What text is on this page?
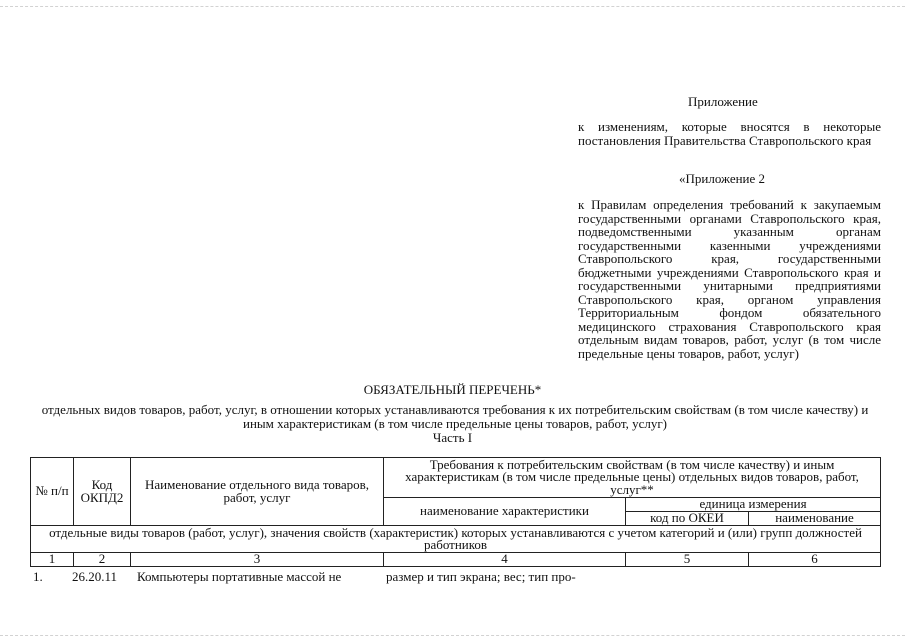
Приложение

к изменениям, которые вносятся в некоторые постановления Правительства Ставропольского края

«Приложение 2

к Правилам определения требований к закупаемым государственными органами Ставропольского края, подведомственными указанным органам государственными казенными учреждениями Ставропольского края, государственными бюджетными учреждениями Ставропольского края и государственными унитарными предприятиями Ставропольского края, органом управления Территориальным фондом обязательного медицинского страхования Ставропольского края отдельным видам товаров, работ, услуг (в том числе предельные цены товаров, работ, услуг)

ОБЯЗАТЕЛЬНЫЙ ПЕРЕЧЕНЬ*

отдельных видов товаров, работ, услуг, в отношении которых устанавливаются требования к их потребительским свойствам (в том числе качеству) и иным характеристикам (в том числе предельные цены товаров, работ, услуг)

Часть I

№ п/п	Код ОКПД2	Наименование отдельного вида товаров, работ, услуг	Требования к потребительским свойствам (в том числе качеству) и иным характеристикам (в том числе предельные цены) отдельных видов товаров, работ, услуг**		
			наименование характеристики	единица измерения	
				код по ОКЕИ	наименование
отдельные виды товаров (работ, услуг), значения свойств (характеристик) которых устанавливаются с учетом категорий и (или) групп должностей работников					
1	2	3	4	5	6
1. 26.20.11 Компьютеры портативные массой не	размер и тип экрана; вес; тип про-
